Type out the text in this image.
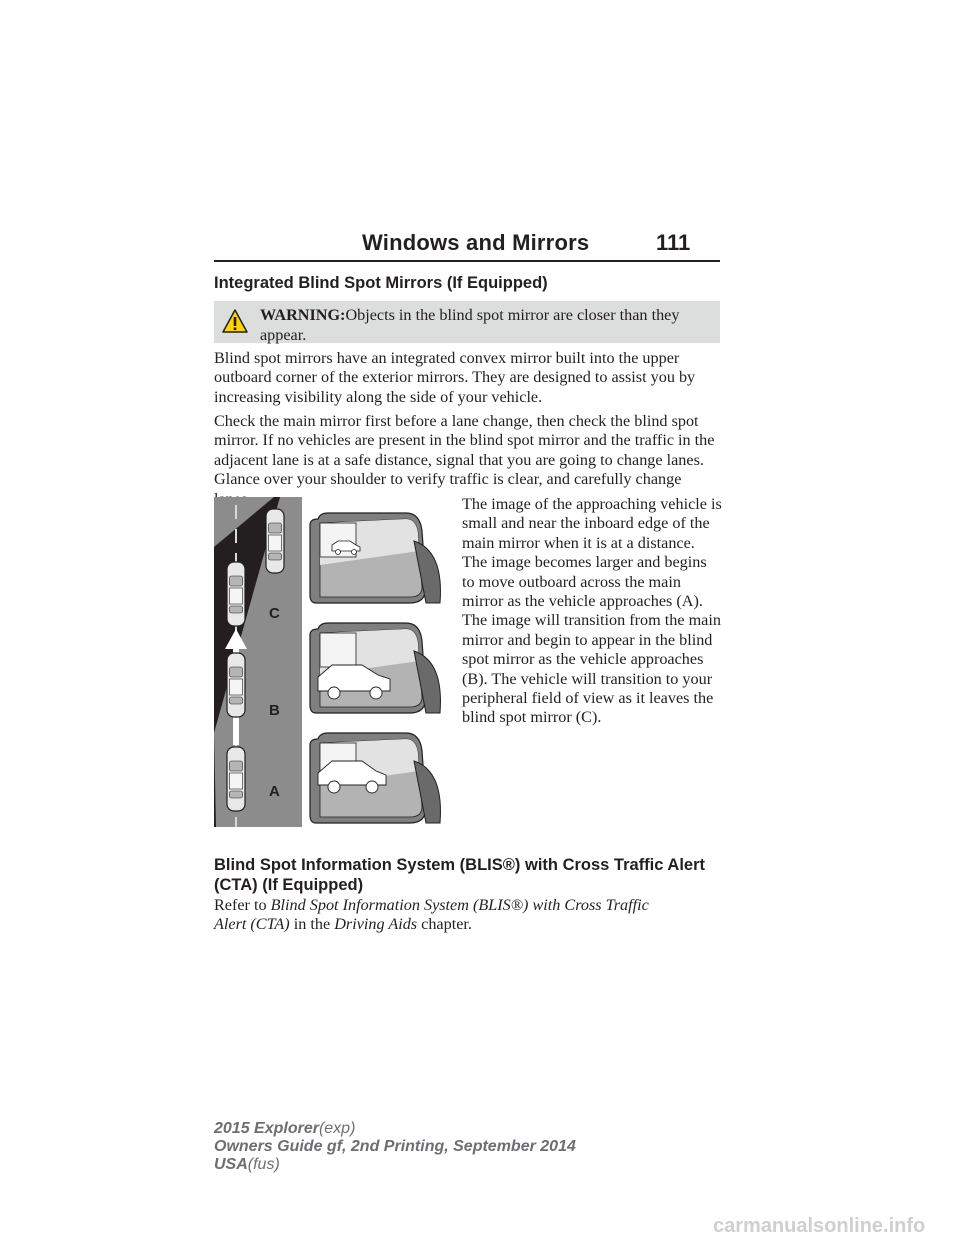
Windows and Mirrors	111
Integrated Blind Spot Mirrors (If Equipped)
WARNING:Objects in the blind spot mirror are closer than they appear.
Blind spot mirrors have an integrated convex mirror built into the upper outboard corner of the exterior mirrors. They are designed to assist you by increasing visibility along the side of your vehicle.
Check the main mirror first before a lane change, then check the blind spot mirror. If no vehicles are present in the blind spot mirror and the traffic in the adjacent lane is at a safe distance, signal that you are going to change lanes. Glance over your shoulder to verify traffic is clear, and carefully change
The image of the approaching vehicle is small and near the inboard edge of the main mirror when it is at a distance. The image becomes larger and begins to move outboard across the main mirror as the vehicle approaches (A). The image will transition from the main mirror and begin to appear in the blind spot mirror as the vehicle approaches (B). The vehicle will transition to your peripheral field of view as it leaves the blind spot mirror (C).
C
B
A
Blind Spot Information System (BLIS®) with Cross Traffic Alert
(CTA) (If Equipped)
Refer to Blind Spot Information System (BLIS®) with Cross Traffic
Alert (CTA) in the Driving Aids chapter.
2015 Explorer(exp)
Owners Guide gf, 2nd Printing, September 2014
USA(fus)
carmanualsonline.info
